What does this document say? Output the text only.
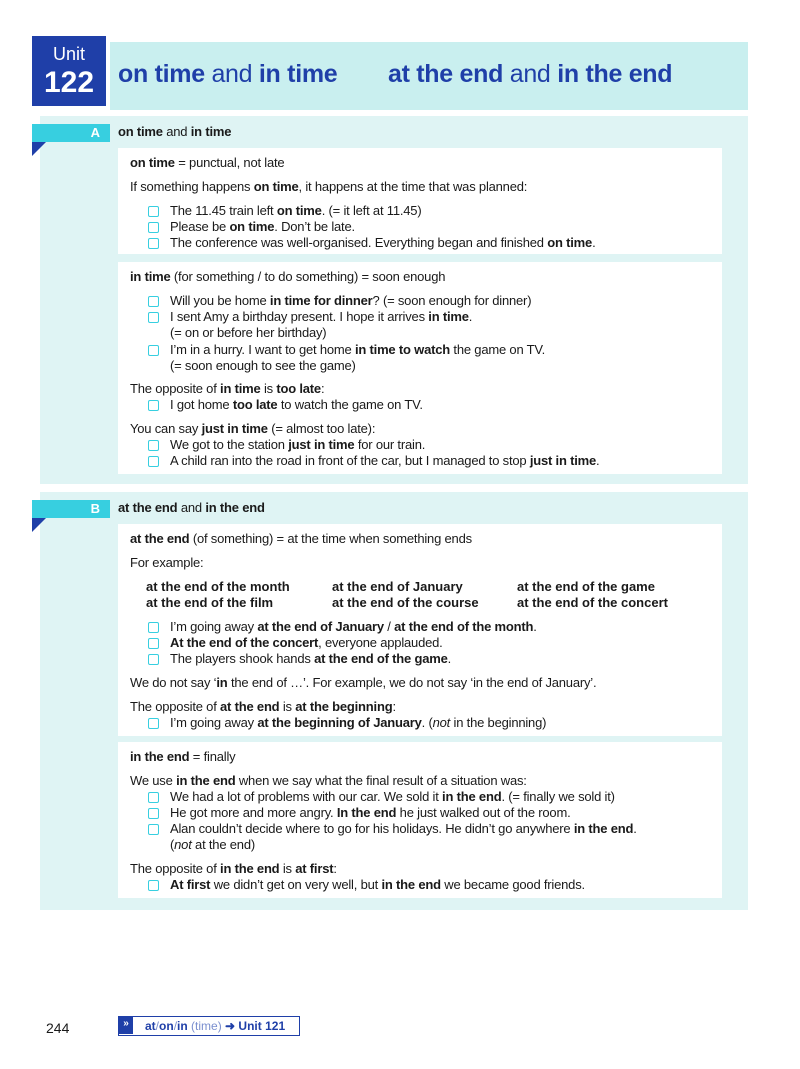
Unit
122 on time and in time at the end and in the end
A	on time and in time
on time = punctual, not late
If something happens on time, it happens at the time that was planned:
The 11.45 train left on time. (= it left at 11.45)
Please be on time. Don’t be late.
The conference was well-organised. Everything began and finished on time.
in time (for something / to do something) = soon enough
Will you be home in time for dinner? (= soon enough for dinner)
I sent Amy a birthday present. I hope it arrives in time.
(= on or before her birthday)
I’m in a hurry. I want to get home in time to watch the game on TV.
(= soon enough to see the game)
The opposite of in time is too late:
I got home too late to watch the game on TV.
You can say just in time (= almost too late):
We got to the station just in time for our train.
A child ran into the road in front of the car, but I managed to stop just in time.
B	at the end and in the end
at the end (of something) = at the time when something ends
For example:
at the end of the month	at the end of January	at the end of the game
at the end of the film	at the end of the course	at the end of the concert
I’m going away at the end of January / at the end of the month.
At the end of the concert, everyone applauded.
The players shook hands at the end of the game.
We do not say ‘in the end of …’. For example, we do not say ‘in the end of January’.
The opposite of at the end is at the beginning:
I’m going away at the beginning of January. (not in the beginning)
in the end = finally
We use in the end when we say what the final result of a situation was:
We had a lot of problems with our car. We sold it in the end. (= finally we sold it)
He got more and more angry. In the end he just walked out of the room.
Alan couldn’t decide where to go for his holidays. He didn’t go anywhere in the end.
(not at the end)
The opposite of in the end is at first:
At first we didn’t get on very well, but in the end we became good friends.
244	»	at/on/in (time) ➜ Unit 121
